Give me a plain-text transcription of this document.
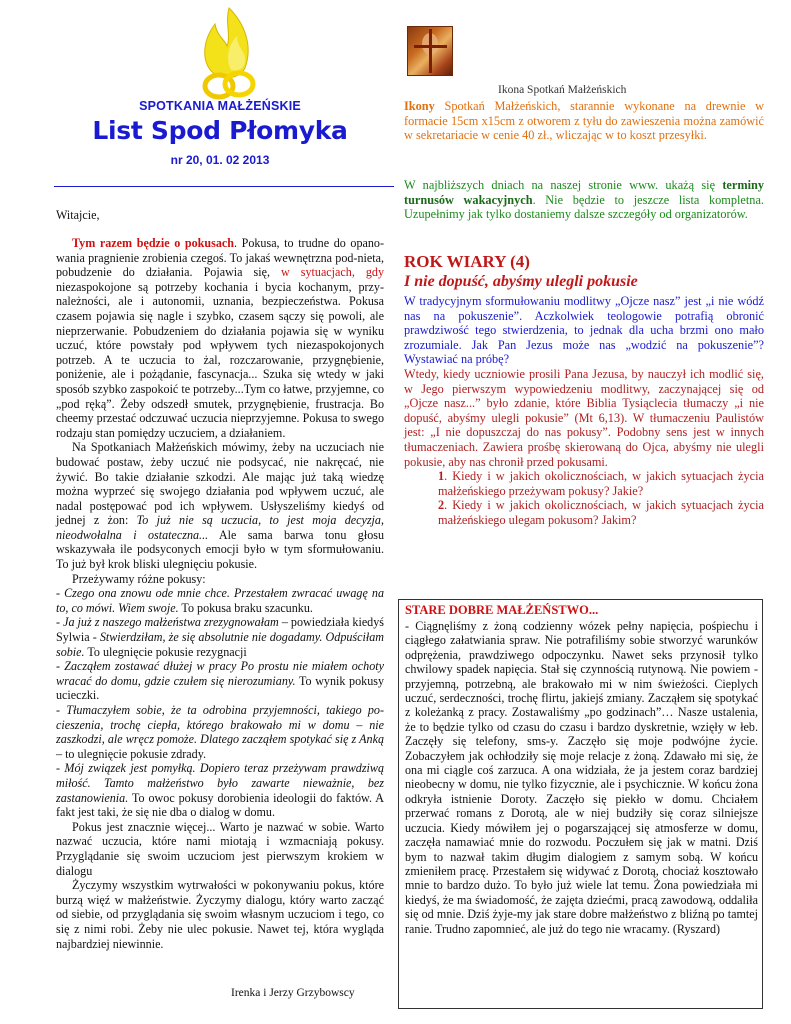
SPOTKANIA MAŁŻEŃSKIE
List Spod Płomyka
nr 20, 01. 02 2013

Witajcie,

Tym razem będzie o pokusach. Pokusa, to trudne do opano-wania pragnienie zrobienia czegoś. To jakaś wewnętrzna pod-nieta, pobudzenie do działania. Pojawia się, w sytuacjach, gdy niezaspokojone są potrzeby kochania i bycia kochanym, przy-należności, ale i autonomii, uznania, bezpieczeństwa. Pokusa czasem pojawia się nagle i szybko, czasem sączy się powoli, ale nieprzerwanie. Pobudzeniem do działania pojawia się w wyniku uczuć, które powstały pod wpływem tych niezaspokojonych potrzeb. A te uczucia to żal, rozczarowanie, przygnębienie, poniżenie, ale i pożądanie, fascynacja... Szuka się wtedy w jaki sposób szybko zaspokoić te potrzeby...Tym co łatwe, przyjemne, co „pod ręką”. Żeby odszedł smutek, przygnębienie, frustracja. Bo cheemy przestać odczuwać uczucia nieprzyjemne. Pokusa to swego rodzaju stan pomiędzy uczuciem, a działaniem.

Na Spotkaniach Małżeńskich mówimy, żeby na uczuciach nie budować postaw, żeby uczuć nie podsycać, nie nakręcać, nie żywić. Bo takie działanie szkodzi. Ale mając już taką wiedzę można wyprzeć się swojego działania pod wpływem uczuć, ale nadal postępować pod ich wpływem. Usłyszeliśmy kiedyś od jednej z żon: To już nie są uczucia, to jest moja decyzja, nieodwołalna i ostateczna... Ale sama barwa tonu głosu wskazywała ile podsyconych emocji było w tym sformułowaniu. To już był krok bliski ulegnięciu pokusie.

Przeżywamy różne pokusy:

- Czego ona znowu ode mnie chce. Przestałem zwracać uwagę na to, co mówi. Wiem swoje. To pokusa braku szacunku.

- Ja już z naszego małżeństwa zrezygnowałam – powiedziała kiedyś Sylwia - Stwierdziłam, że się absolutnie nie dogadamy. Odpuściłam sobie. To ulegnięcie pokusie rezygnacji

- Zacząłem zostawać dłużej w pracy Po prostu nie miałem ochoty wracać do domu, gdzie czułem się nierozumiany. To wynik pokusy ucieczki.

- Tłumaczyłem sobie, że ta odrobina przyjemności, takiego pocieszenia, trochę ciepła, którego brakowało mi w domu – nie zaszkodzi, ale wręcz pomoże. Dlatego zacząłem spotykać się z Anką – to ulegnięcie pokusie zdrady.

- Mój związek jest pomyłką. Dopiero teraz przeżywam prawdziwą miłość. Tamto małżeństwo było zawarte nieważnie, bez zastanowienia. To owoc pokusy dorobienia ideologii do faktów. A fakt jest taki, że się nie dba o dialog w domu.

Pokus jest znacznie więcej... Warto je nazwać w sobie. Warto nazwać uczucia, które nami miotają i wzmacniają pokusy. Przyglądanie się swoim uczuciom jest pierwszym krokiem w dialogu

Życzymy wszystkim wytrwałości w pokonywaniu pokus, które burzą więź w małżeństwie. Życzymy dialogu, który warto zacząć od siebie, od przyglądania się swoim własnym uczuciom i tego, co się z nimi robi. Żeby nie ulec pokusie. Nawet tej, która wygląda najbardziej niewinnie.

Irenka i Jerzy Grzybowscy
Ikona Spotkań Małżeńskich

Ikony Spotkań Małżeńskich, starannie wykonane na drewnie w formacie 15cm x15cm z otworem z tyłu do zawieszenia można zamówić w sekretariacie w cenie 40 zł., wliczając w to koszt przesyłki.

W najbliższych dniach na naszej stronie www. ukażą się terminy turnusów wakacyjnych. Nie będzie to jeszcze lista kompletna. Uzupełnimy jak tylko dostaniemy dalsze szczegóły od organizatorów.

ROK WIARY (4)
I nie dopuść, abyśmy ulegli pokusie

W tradycyjnym sformułowaniu modlitwy „Ojcze nasz” jest „i nie wódź nas na pokuszenie”. Aczkolwiek teologowie potrafią obronić prawdziwość tego stwierdzenia, to jednak dla ucha brzmi ono mało zrozumiale. Jak Pan Jezus może nas „wodzić na pokuszenie”? Wystawiać na próbę?

Wtedy, kiedy uczniowie prosili Pana Jezusa, by nauczył ich modlić się, w Jego pierwszym wypowiedzeniu modlitwy, zaczynającej się od „Ojcze nasz...” było zdanie, które Biblia Tysiąclecia tłumaczy „i nie dopuść, abyśmy ulegli pokusie” (Mt 6,13). W tłumaczeniu Paulistów jest: „I nie dopuszczaj do nas pokusy”. Podobny sens jest w innych tłumaczeniach. Zawiera prośbę skierowaną do Ojca, abyśmy nie ulegli pokusie, aby nas chronił przed pokusami.

1. Kiedy i w jakich okolicznościach, w jakich sytuacjach życia małżeńskiego przeżywam pokusy? Jakie?

2. Kiedy i w jakich okolicznościach, w jakich sytuacjach życia małżeńskiego ulegam pokusom? Jakim?

STARE DOBRE MAŁŻEŃSTWO...

- Ciągnęliśmy z żoną codzienny wózek pełny napięcia, pośpiechu i ciągłego załatwiania spraw. Nie potrafiliśmy sobie stworzyć warunków odprężenia, prawdziwego odpoczynku. Nawet seks przynosił tylko chwilowy spadek napięcia. Stał się czynnością rutynową. Nie powiem - przyjemną, potrzebną, ale brakowało mi w nim świeżości. Cieplych uczuć, serdeczności, trochę flirtu, jakiejś zmiany. Zacząłem się spotykać z koleżanką z pracy. Zostawaliśmy „po godzinach”… Nasze ustalenia, że to będzie tylko od czasu do czasu i bardzo dyskretnie, wzięły w łeb. Zaczęły się telefony, sms-y. Zaczęło się moje podwójne życie. Zobaczyłem jak ochłodziły się moje relacje z żoną. Zdawało mi się, że ona mi ciągle coś zarzuca. A ona widziała, że ja jestem coraz bardziej nieobecny w domu, nie tylko fizycznie, ale i psychicznie. W końcu żona odkryła istnienie Doroty. Zaczęło się piekło w domu. Chciałem przerwać romans z Dorotą, ale w niej budziły się coraz silniejsze uczucia. Kiedy mówiłem jej o pogarszającej się atmosferze w domu, zaczęła namawiać mnie do rozwodu. Poczułem się jak w matni. Dziś bym to nazwał takim długim dialogiem z samym sobą. W końcu zmieniłem pracę. Przestałem się widywać z Dorotą, chociaż kosztowało mnie to bardzo dużo. To było już wiele lat temu. Żona powiedziała mi kiedyś, że ma świadomość, że zajęta dziećmi, pracą zawodową, oddaliła się od mnie. Dziś żyje-my jak stare dobre małżeństwo z bliźną po tamtej ranie. Trudno zapomnieć, ale już do tego nie wracamy. (Ryszard)
